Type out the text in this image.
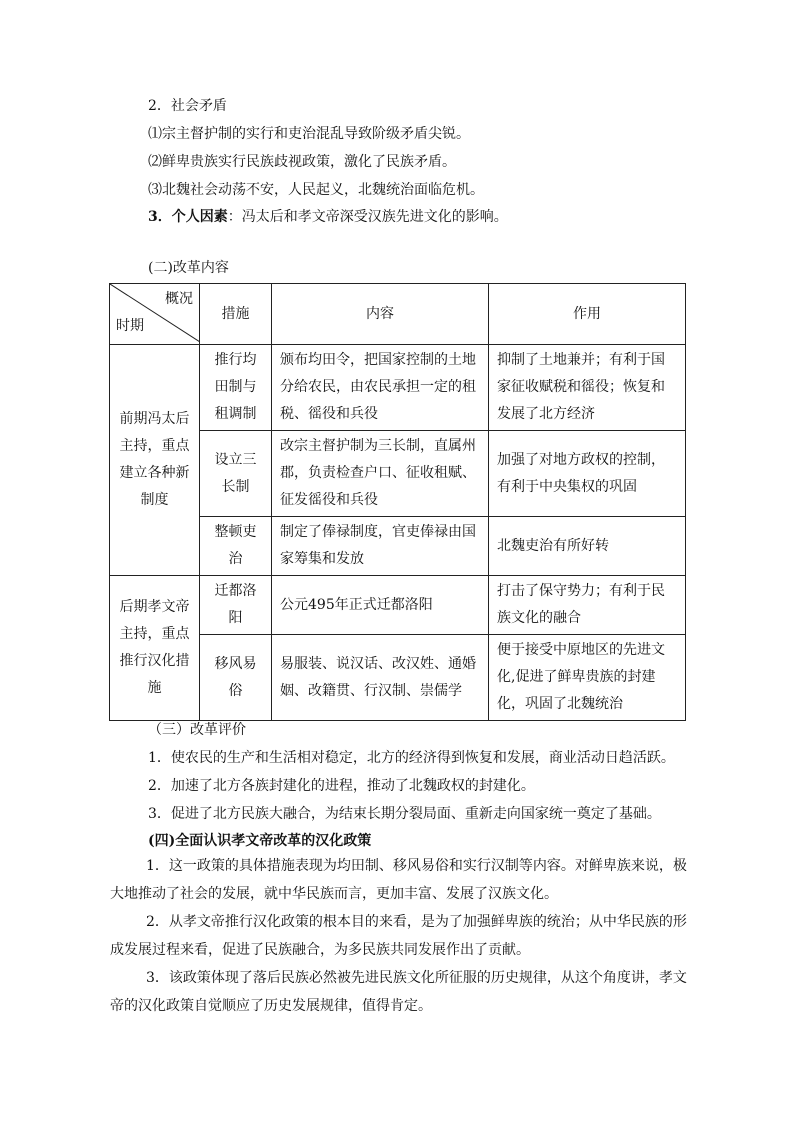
2．社会矛盾
⑴宗主督护制的实行和吏治混乱导致阶级矛盾尖锐。
⑵鲜卑贵族实行民族歧视政策，激化了民族矛盾。
⑶北魏社会动荡不安，人民起义，北魏统治面临危机。
3．个人因素：冯太后和孝文帝深受汉族先进文化的影响。
(二)改革内容
概况
时期	措施	内容	作用
前期冯太后主持，重点建立各种新制度	推行均田制与租调制	颁布均田令，把国家控制的土地分给农民，由农民承担一定的租税、徭役和兵役	抑制了土地兼并；有利于国家征收赋税和徭役；恢复和发展了北方经济
	设立三长制	改宗主督护制为三长制，直属州郡，负责检查户口、征收租赋、征发徭役和兵役	加强了对地方政权的控制，有利于中央集权的巩固
	整顿吏治	制定了俸禄制度，官吏俸禄由国家筹集和发放	北魏吏治有所好转
后期孝文帝主持，重点推行汉化措施	迁都洛阳	公元495年正式迁都洛阳	打击了保守势力；有利于民族文化的融合
	移风易俗	易服装、说汉话、改汉姓、通婚姻、改籍贯、行汉制、崇儒学	便于接受中原地区的先进文化,促进了鲜卑贵族的封建化，巩固了北魏统治
（三）改革评价
1．使农民的生产和生活相对稳定，北方的经济得到恢复和发展，商业活动日趋活跃。
2．加速了北方各族封建化的进程，推动了北魏政权的封建化。
3．促进了北方民族大融合，为结束长期分裂局面、重新走向国家统一奠定了基础。
(四)全面认识孝文帝改革的汉化政策
1．这一政策的具体措施表现为均田制、移风易俗和实行汉制等内容。对鲜卑族来说，极大地推动了社会的发展，就中华民族而言，更加丰富、发展了汉族文化。
2．从孝文帝推行汉化政策的根本目的来看，是为了加强鲜卑族的统治；从中华民族的形成发展过程来看，促进了民族融合，为多民族共同发展作出了贡献。
3．该政策体现了落后民族必然被先进民族文化所征服的历史规律，从这个角度讲，孝文帝的汉化政策自觉顺应了历史发展规律，值得肯定。
